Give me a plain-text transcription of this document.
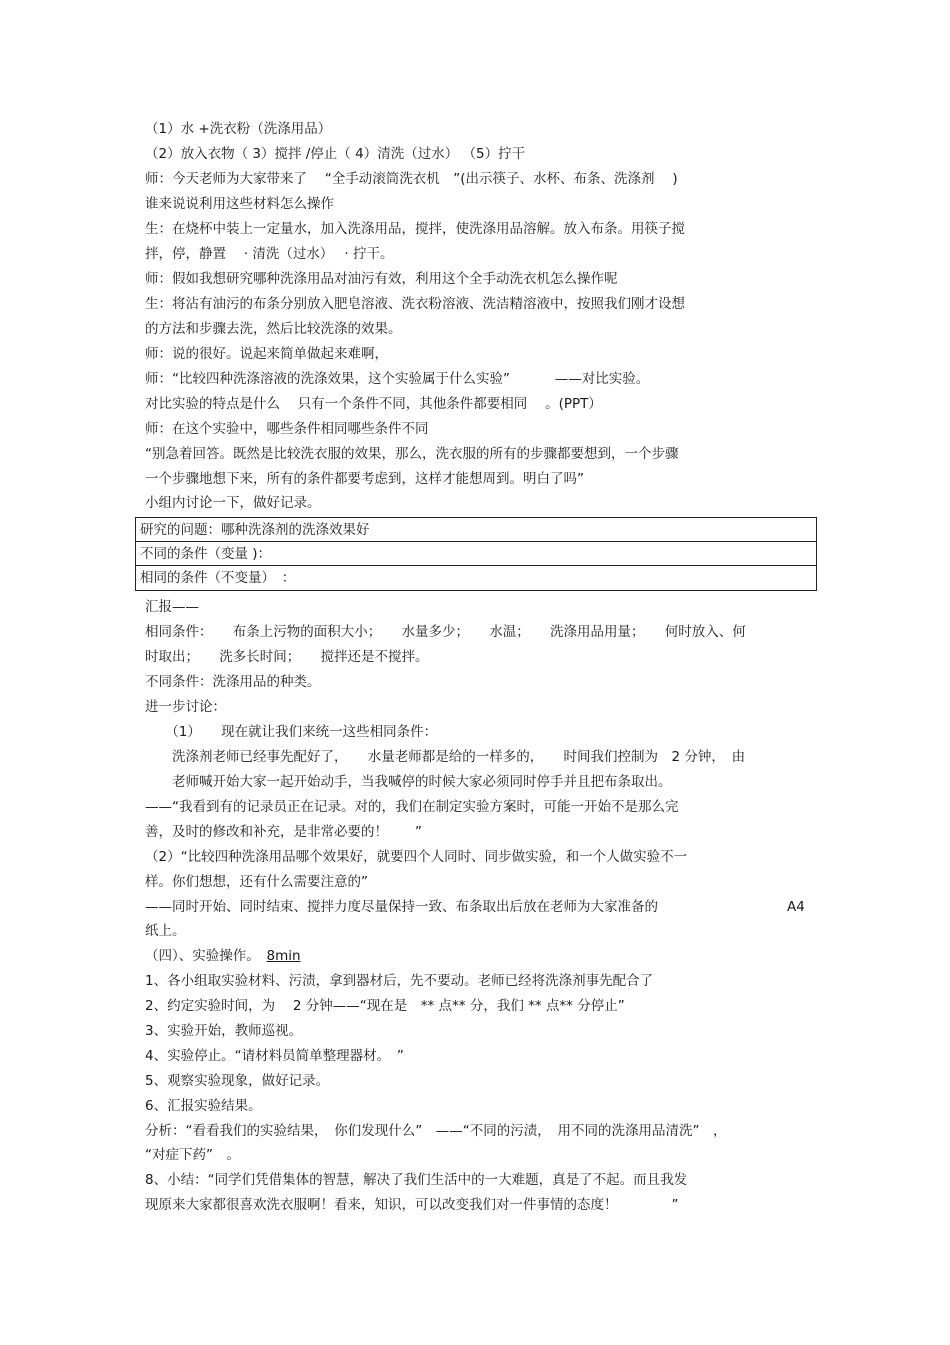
（1）水 +洗衣粉（洗涤用品）
（2）放入衣物（ 3）搅拌 /停止（ 4）清洗（过水） （5）拧干
师：今天老师为大家带来了　 “全手动滚筒洗衣机　”(出示筷子、水杯、布条、洗涤剂　 )
谁来说说利用这些材料怎么操作
生：在烧杯中装上一定量水，加入洗涤用品，搅拌，使洗涤用品溶解。放入布条。用筷子搅
拌，停，静置　 · 清洗（过水）　 · 拧干。
师：假如我想研究哪种洗涤用品对油污有效，利用这个全手动洗衣机怎么操作呢
生：将沾有油污的布条分别放入肥皂溶液、洗衣粉溶液、洗洁精溶液中，按照我们刚才设想
的方法和步骤去洗，然后比较洗涤的效果。
师：说的很好。说起来简单做起来难啊，
师：“比较四种洗涤溶液的洗涤效果，这个实验属于什么实验”　　　 ——对比实验。
对比实验的特点是什么　 只有一个条件不同，其他条件都要相同　 。(PPT）
师：在这个实验中，哪些条件相同哪些条件不同
“别急着回答。既然是比较洗衣服的效果，那么，洗衣服的所有的步骤都要想到，一个步骤
一个步骤地想下来，所有的条件都要考虑到，这样才能想周到。明白了吗”
小组内讨论一下，做好记录。
研究的问题：哪种洗涤剂的洗涤效果好
不同的条件（变量 )：
相同的条件（不变量）　：
汇报——
相同条件：　　布条上污物的面积大小；　　水量多少；　　水温；　　洗涤用品用量；　　何时放入、何
时取出；　　洗多长时间；　　搅拌还是不搅拌。
不同条件：洗涤用品的种类。
进一步讨论：
　　（1）　　现在就让我们来统一这些相同条件：
　　洗涤剂老师已经事先配好了，　　水量老师都是给的一样多的，　　时间我们控制为　2 分钟，　由
　　老师喊开始大家一起开始动手，当我喊停的时候大家必须同时停手并且把布条取出。
——“我看到有的记录员正在记录。对的，我们在制定实验方案时，可能一开始不是那么完
善，及时的修改和补充，是非常必要的！　　”
（2）“比较四种洗涤用品哪个效果好，就要四个人同时、同步做实验，和一个人做实验不一
样。你们想想，还有什么需要注意的”
——同时开始、同时结束、搅拌力度尽量保持一致、布条取出后放在老师为大家准备的	A4
纸上。
（四）、实验操作。　8min
1、各小组取实验材料、污渍，拿到器材后，先不要动。老师已经将洗涤剂事先配合了
2、约定实验时间，为　 2 分钟——“现在是　** 点** 分，我们 ** 点** 分停止”
3、实验开始，教师巡视。
4、实验停止。“请材料员简单整理器材。　”
5、观察实验现象，做好记录。
6、汇报实验结果。
分析：“看看我们的实验结果，　你们发现什么”　——“不同的污渍，　用不同的洗涤用品清洗”　，
“对症下药”　。
8、小结：“同学们凭借集体的智慧，解决了我们生活中的一大难题，真是了不起。而且我发
现原来大家都很喜欢洗衣服啊！看来，知识，可以改变我们对一件事情的态度！　　　　”
